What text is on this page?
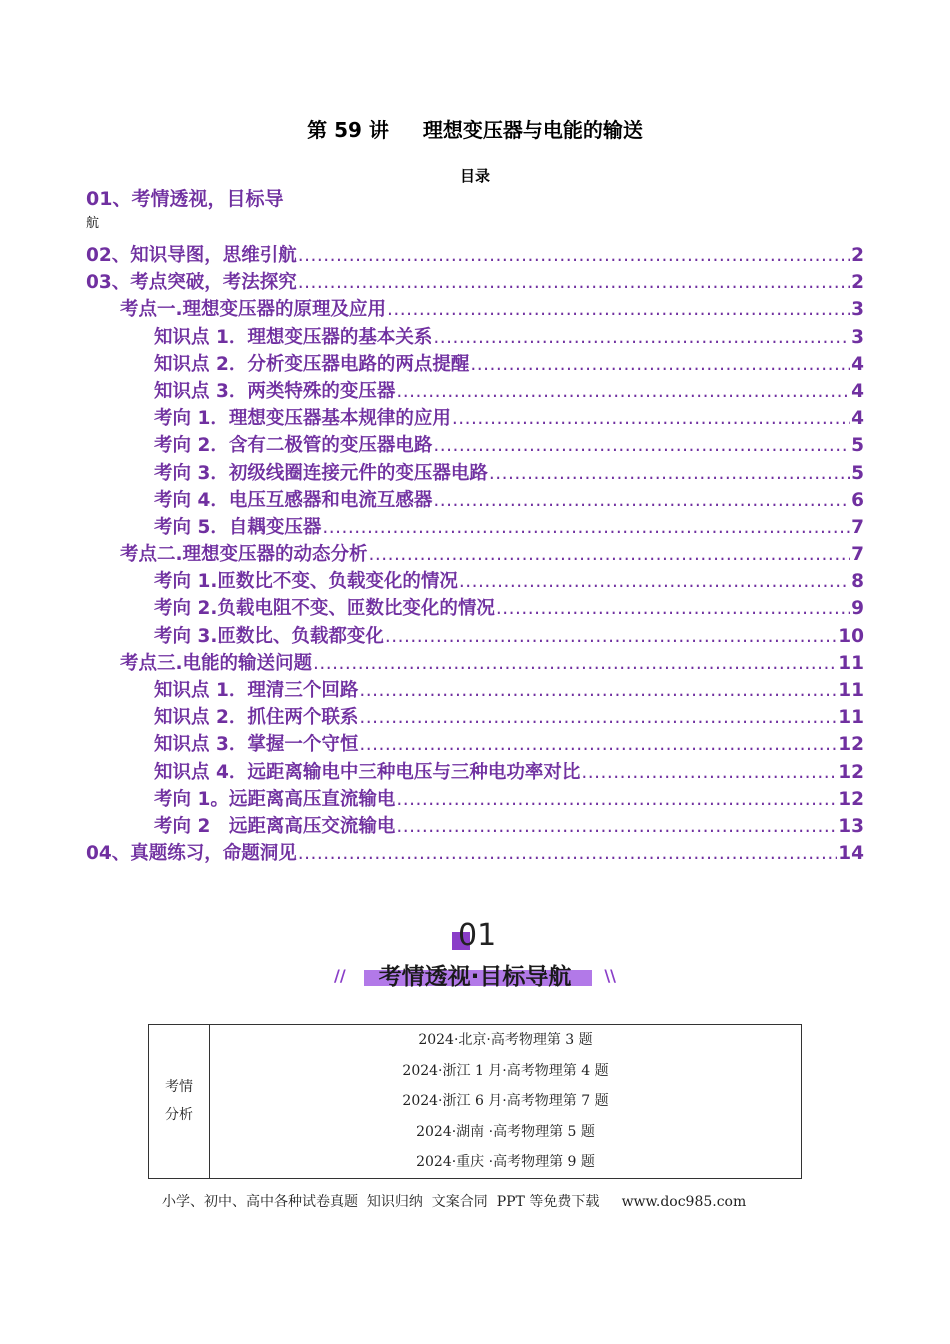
第 59 讲 理想变压器与电能的输送
目录
01、考情透视，目标导
航
02、知识导图，思维引航 .....	2
03、考点突破，考法探究 .....	2
考点一.理想变压器的原理及应用 .....	3
知识点 1．理想变压器的基本关系 .....	3
知识点 2．分析变压器电路的两点提醒 .....	4
知识点 3．两类特殊的变压器 .....	4
考向 1．理想变压器基本规律的应用 .....	4
考向 2．含有二极管的变压器电路 .....	5
考向 3．初级线圈连接元件的变压器电路 .....	5
考向 4．电压互感器和电流互感器 .....	6
考向 5．自耦变压器 .....	7
考点二.理想变压器的动态分析 .....	7
考向 1.匝数比不变、负载变化的情况 .....	8
考向 2.负载电阻不变、匝数比变化的情况 .....	9
考向 3.匝数比、负载都变化 .....	10
考点三.电能的输送问题 .....	11
知识点 1．理清三个回路 .....	11
知识点 2．抓住两个联系 .....	11
知识点 3．掌握一个守恒 .....	12
知识点 4．远距离输电中三种电压与三种电功率对比 .....	12
考向 1。远距离高压直流输电 .....	12
考向 2　远距离高压交流输电 .....	13
04、真题练习，命题洞见 .....	14
01
//	考情透视·目标导航	\\
考情
分析

2024·北京·高考物理第 3 题
2024·浙江 1 月·高考物理第 4 题
2024·浙江 6 月·高考物理第 7 题
2024·湖南 ·高考物理第 5 题
2024·重庆 ·高考物理第 9 题
小学、初中、高中各种试卷真题  知识归纳  文案合同  PPT 等免费下载     www.doc985.com
